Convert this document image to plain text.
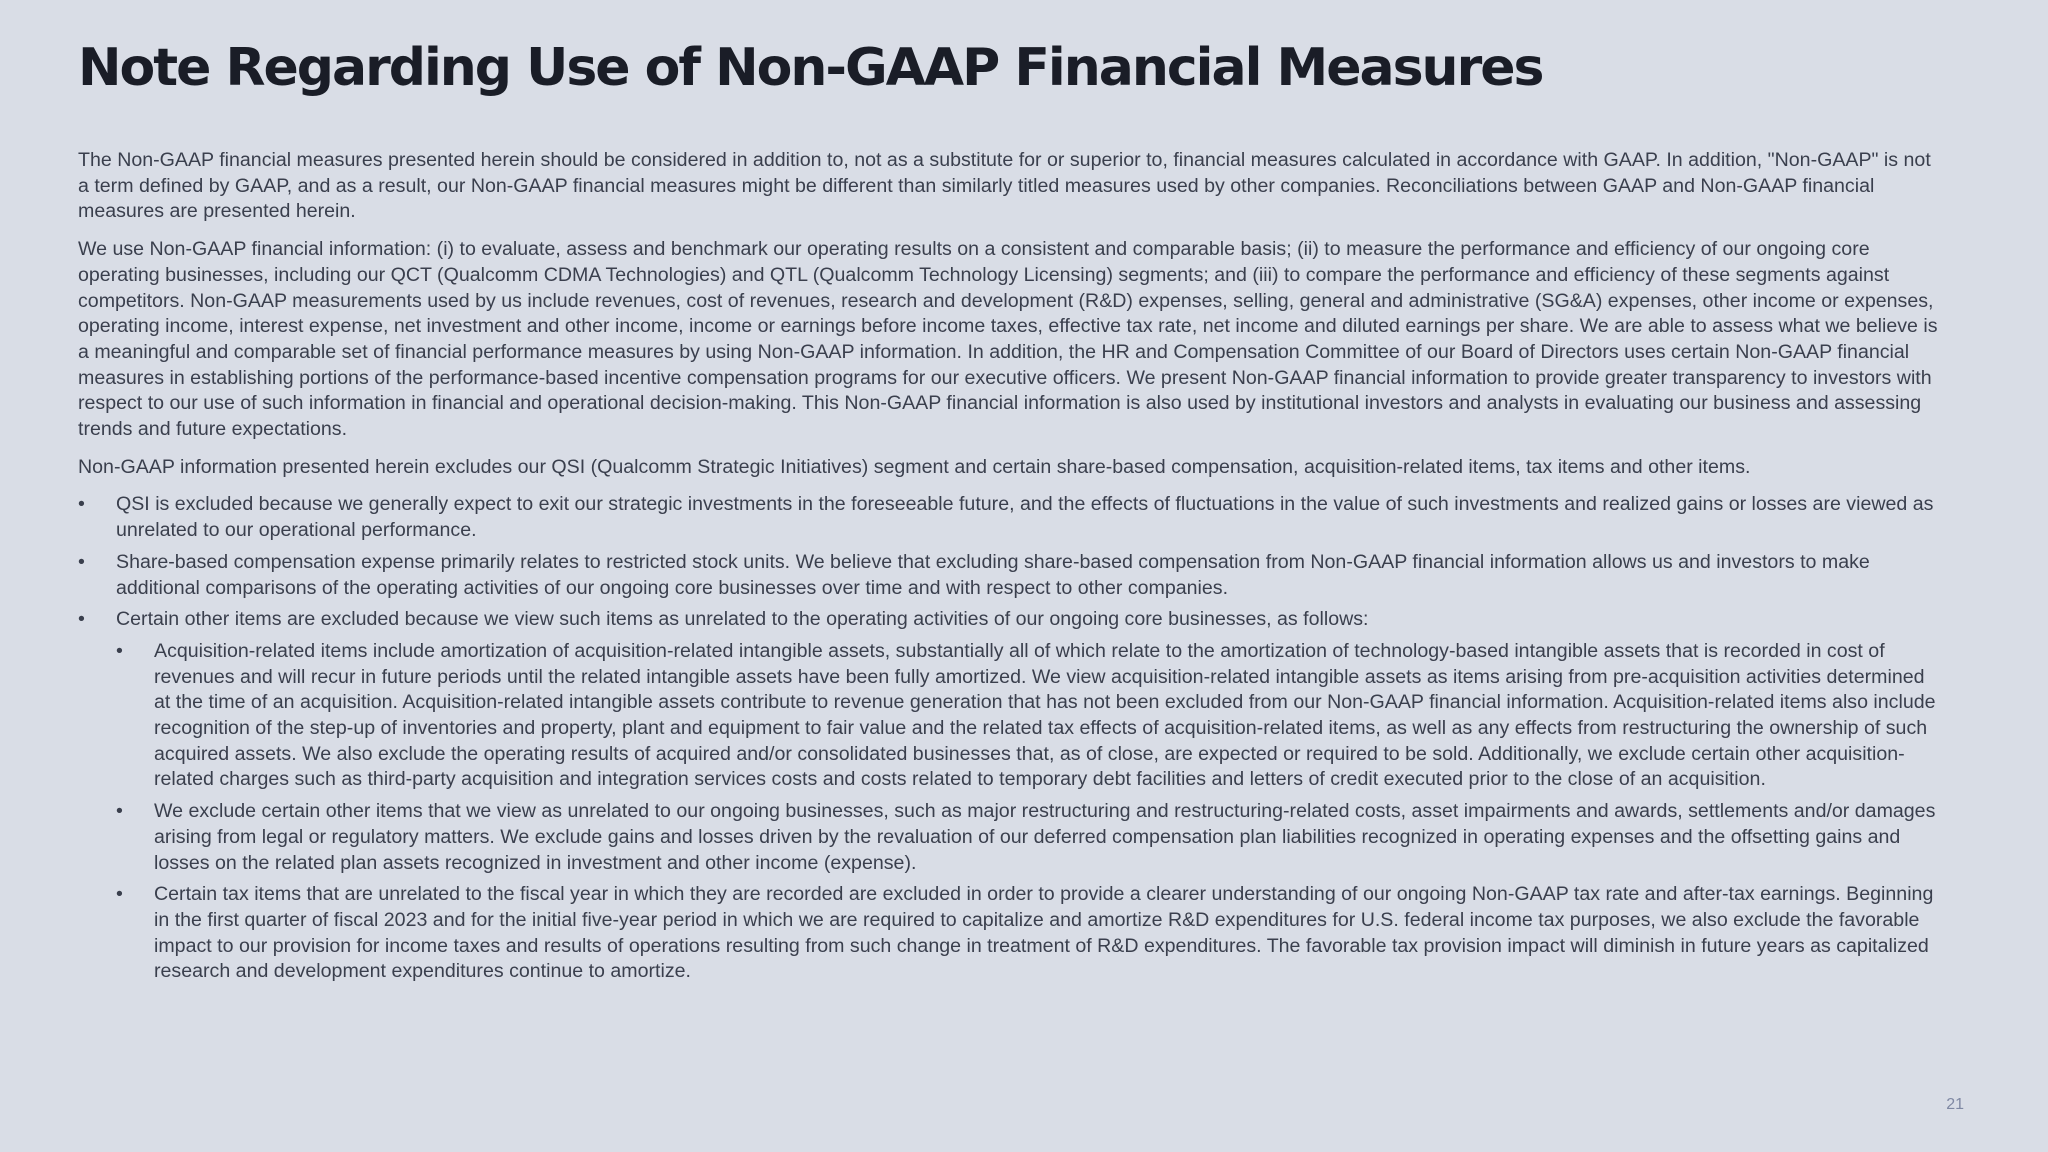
Note Regarding Use of Non-GAAP Financial Measures

The Non-GAAP financial measures presented herein should be considered in addition to, not as a substitute for or superior to, financial measures calculated in accordance with GAAP. In addition, "Non-GAAP" is not a term defined by GAAP, and as a result, our Non-GAAP financial measures might be different than similarly titled measures used by other companies. Reconciliations between GAAP and Non-GAAP financial measures are presented herein.

We use Non-GAAP financial information: (i) to evaluate, assess and benchmark our operating results on a consistent and comparable basis; (ii) to measure the performance and efficiency of our ongoing core operating businesses, including our QCT (Qualcomm CDMA Technologies) and QTL (Qualcomm Technology Licensing) segments; and (iii) to compare the performance and efficiency of these segments against competitors. Non-GAAP measurements used by us include revenues, cost of revenues, research and development (R&D) expenses, selling, general and administrative (SG&A) expenses, other income or expenses, operating income, interest expense, net investment and other income, income or earnings before income taxes, effective tax rate, net income and diluted earnings per share. We are able to assess what we believe is a meaningful and comparable set of financial performance measures by using Non-GAAP information. In addition, the HR and Compensation Committee of our Board of Directors uses certain Non-GAAP financial measures in establishing portions of the performance-based incentive compensation programs for our executive officers. We present Non-GAAP financial information to provide greater transparency to investors with respect to our use of such information in financial and operational decision-making. This Non-GAAP financial information is also used by institutional investors and analysts in evaluating our business and assessing trends and future expectations.

Non-GAAP information presented herein excludes our QSI (Qualcomm Strategic Initiatives) segment and certain share-based compensation, acquisition-related items, tax items and other items.

• QSI is excluded because we generally expect to exit our strategic investments in the foreseeable future, and the effects of fluctuations in the value of such investments and realized gains or losses are viewed as unrelated to our operational performance.
• Share-based compensation expense primarily relates to restricted stock units. We believe that excluding share-based compensation from Non-GAAP financial information allows us and investors to make additional comparisons of the operating activities of our ongoing core businesses over time and with respect to other companies.
• Certain other items are excluded because we view such items as unrelated to the operating activities of our ongoing core businesses, as follows:
• Acquisition-related items include amortization of acquisition-related intangible assets, substantially all of which relate to the amortization of technology-based intangible assets that is recorded in cost of revenues and will recur in future periods until the related intangible assets have been fully amortized. We view acquisition-related intangible assets as items arising from pre-acquisition activities determined at the time of an acquisition. Acquisition-related intangible assets contribute to revenue generation that has not been excluded from our Non-GAAP financial information. Acquisition-related items also include recognition of the step-up of inventories and property, plant and equipment to fair value and the related tax effects of acquisition-related items, as well as any effects from restructuring the ownership of such acquired assets. We also exclude the operating results of acquired and/or consolidated businesses that, as of close, are expected or required to be sold. Additionally, we exclude certain other acquisition-related charges such as third-party acquisition and integration services costs and costs related to temporary debt facilities and letters of credit executed prior to the close of an acquisition.
• We exclude certain other items that we view as unrelated to our ongoing businesses, such as major restructuring and restructuring-related costs, asset impairments and awards, settlements and/or damages arising from legal or regulatory matters. We exclude gains and losses driven by the revaluation of our deferred compensation plan liabilities recognized in operating expenses and the offsetting gains and losses on the related plan assets recognized in investment and other income (expense).
• Certain tax items that are unrelated to the fiscal year in which they are recorded are excluded in order to provide a clearer understanding of our ongoing Non-GAAP tax rate and after-tax earnings. Beginning in the first quarter of fiscal 2023 and for the initial five-year period in which we are required to capitalize and amortize R&D expenditures for U.S. federal income tax purposes, we also exclude the favorable impact to our provision for income taxes and results of operations resulting from such change in treatment of R&D expenditures. The favorable tax provision impact will diminish in future years as capitalized research and development expenditures continue to amortize.
21
